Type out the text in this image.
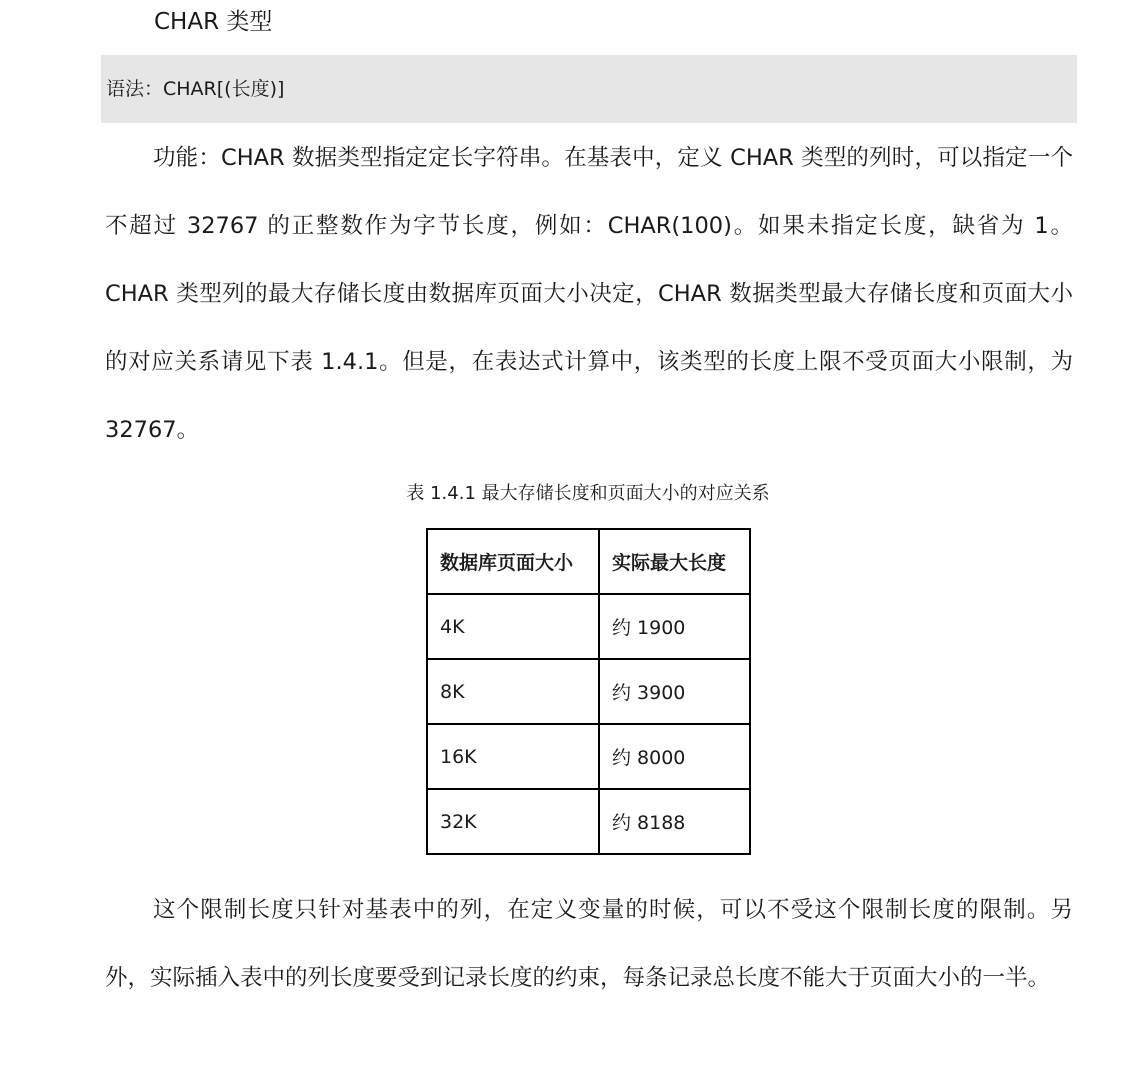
CHAR 类型
语法：CHAR[(长度)]

功能：CHAR 数据类型指定定长字符串。在基表中，定义 CHAR 类型的列时，可以指定一个不超过 32767 的正整数作为字节长度，例如：CHAR(100)。如果未指定长度，缺省为 1。CHAR 类型列的最大存储长度由数据库页面大小决定，CHAR 数据类型最大存储长度和页面大小的对应关系请见下表 1.4.1。但是，在表达式计算中，该类型的长度上限不受页面大小限制，为 32767。

表 1.4.1 最大存储长度和页面大小的对应关系

数据库页面大小	实际最大长度
4K	约 1900
8K	约 3900
16K	约 8000
32K	约 8188

这个限制长度只针对基表中的列，在定义变量的时候，可以不受这个限制长度的限制。另外，实际插入表中的列长度要受到记录长度的约束，每条记录总长度不能大于页面大小的一半。
